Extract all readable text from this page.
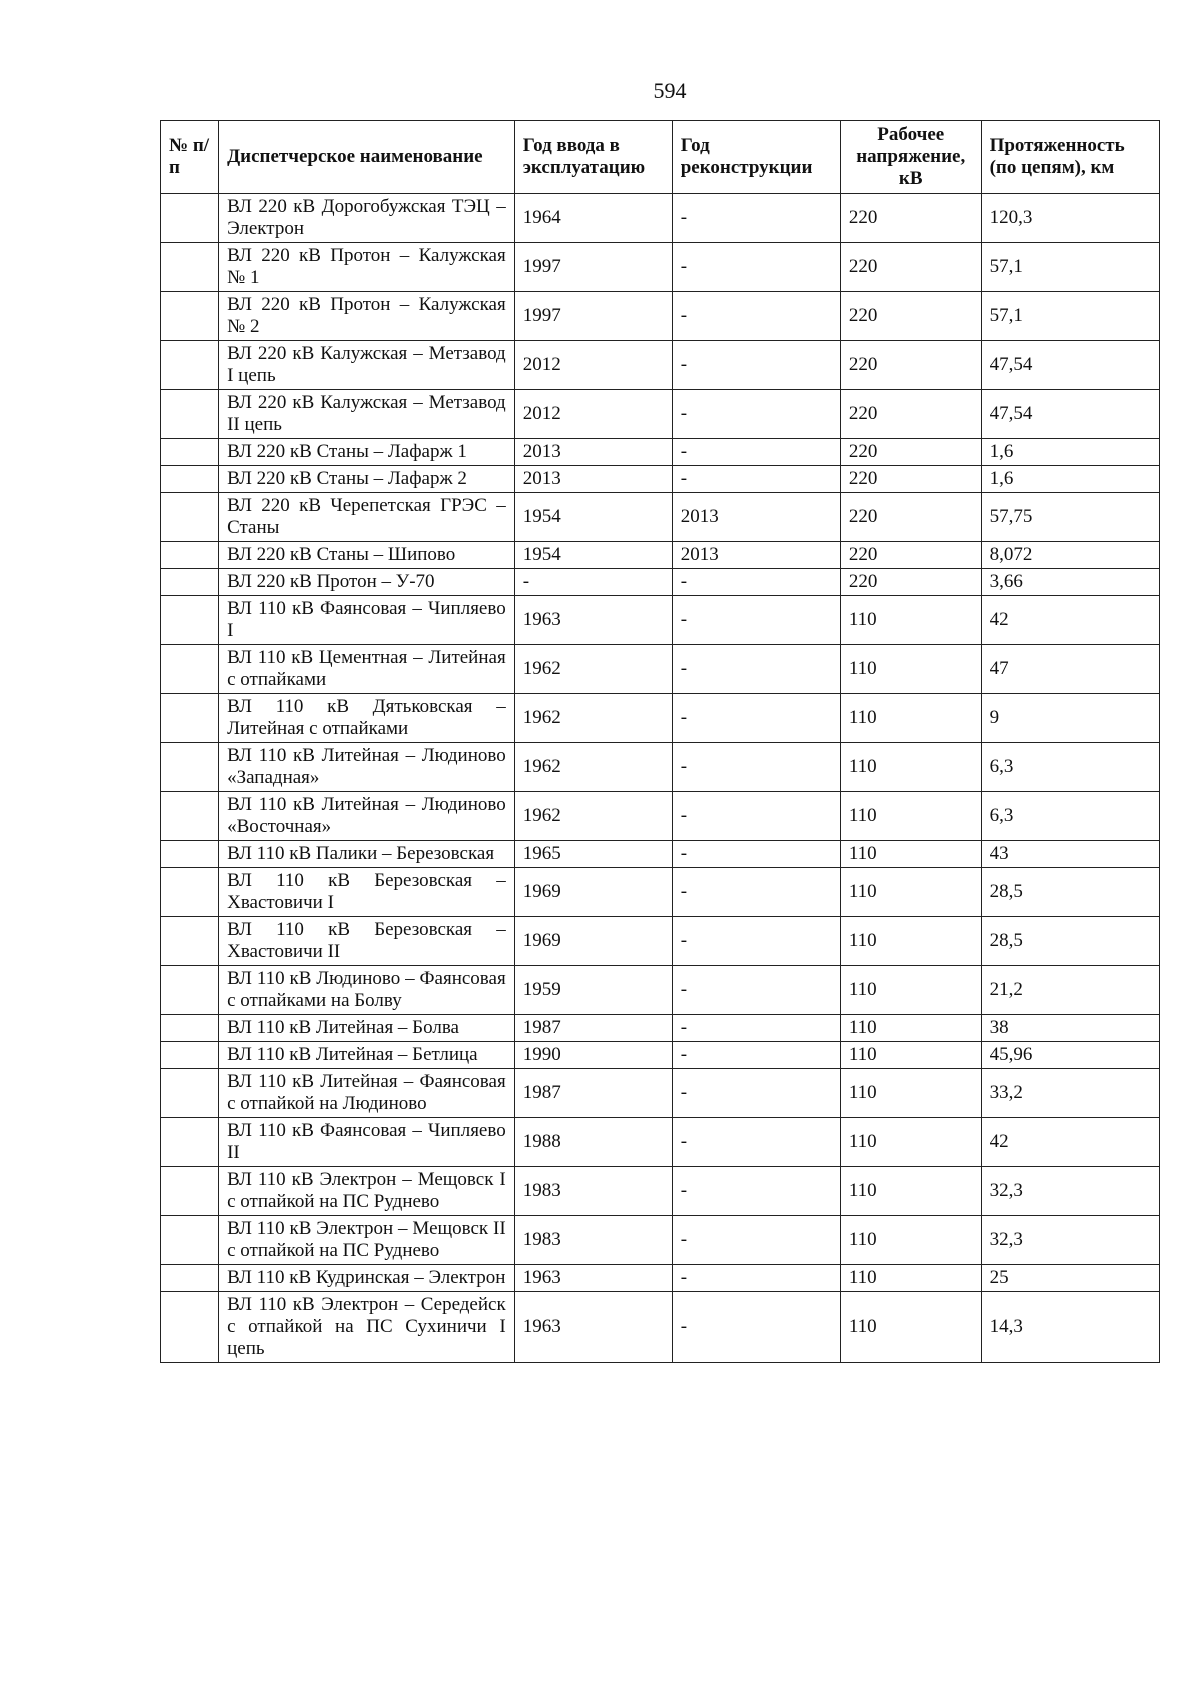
594
№ п/п	Диспетчерское наименование	Год ввода в эксплуатацию	Год реконструкции	Рабочее напряжение, кВ	Протяженность (по цепям), км
	ВЛ 220 кВ Дорогобужская ТЭЦ – Электрон	1964	-	220	120,3
	ВЛ 220 кВ Протон – Калужская № 1	1997	-	220	57,1
	ВЛ 220 кВ Протон – Калужская № 2	1997	-	220	57,1
	ВЛ 220 кВ Калужская – Метзавод I цепь	2012	-	220	47,54
	ВЛ 220 кВ Калужская – Метзавод II цепь	2012	-	220	47,54
	ВЛ 220 кВ Станы – Лафарж 1	2013	-	220	1,6
	ВЛ 220 кВ Станы – Лафарж 2	2013	-	220	1,6
	ВЛ 220 кВ Черепетская ГРЭС – Станы	1954	2013	220	57,75
	ВЛ 220 кВ Станы – Шипово	1954	2013	220	8,072
	ВЛ 220 кВ Протон – У-70	-	-	220	3,66
	ВЛ 110 кВ Фаянсовая – Чипляево I	1963	-	110	42
	ВЛ 110 кВ Цементная – Литейная с отпайками	1962	-	110	47
	ВЛ 110 кВ Дятьковская – Литейная с отпайками	1962	-	110	9
	ВЛ 110 кВ Литейная – Людиново «Западная»	1962	-	110	6,3
	ВЛ 110 кВ Литейная – Людиново «Восточная»	1962	-	110	6,3
	ВЛ 110 кВ Палики – Березовская	1965	-	110	43
	ВЛ 110 кВ Березовская – Хвастовичи I	1969	-	110	28,5
	ВЛ 110 кВ Березовская – Хвастовичи II	1969	-	110	28,5
	ВЛ 110 кВ Людиново – Фаянсовая с отпайками на Болву	1959	-	110	21,2
	ВЛ 110 кВ Литейная – Болва	1987	-	110	38
	ВЛ 110 кВ Литейная – Бетлица	1990	-	110	45,96
	ВЛ 110 кВ Литейная – Фаянсовая с отпайкой на Людиново	1987	-	110	33,2
	ВЛ 110 кВ Фаянсовая – Чипляево II	1988	-	110	42
	ВЛ 110 кВ Электрон – Мещовск I с отпайкой на ПС Руднево	1983	-	110	32,3
	ВЛ 110 кВ Электрон – Мещовск II с отпайкой на ПС Руднево	1983	-	110	32,3
	ВЛ 110 кВ Кудринская – Электрон	1963	-	110	25
	ВЛ 110 кВ Электрон – Середейск с отпайкой на ПС Сухиничи I цепь	1963	-	110	14,3
